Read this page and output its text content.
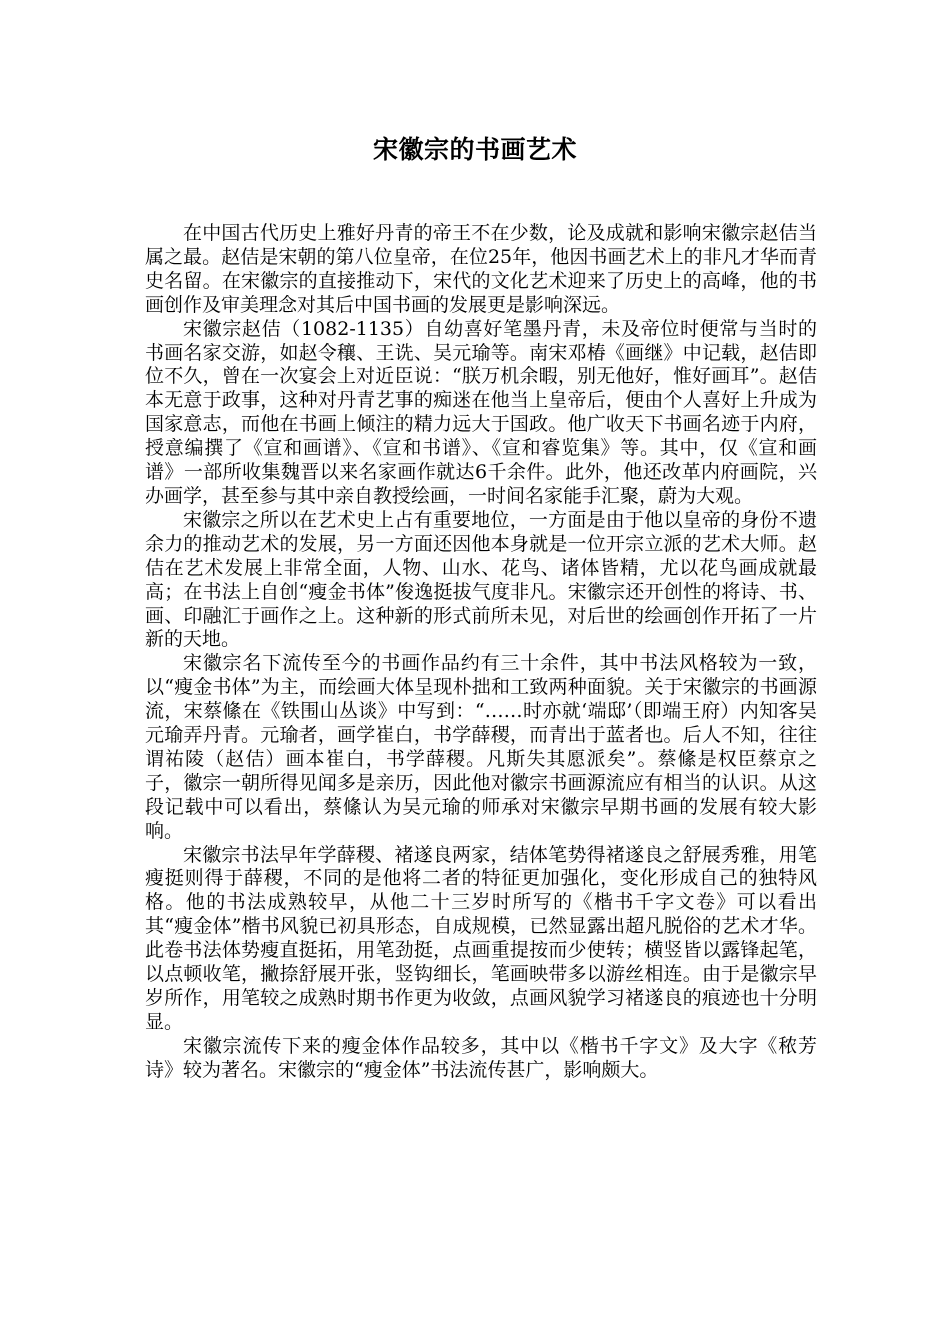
宋徽宗的书画艺术

在中国古代历史上雅好丹青的帝王不在少数，论及成就和影响宋徽宗赵佶当属之最。赵佶是宋朝的第八位皇帝，在位25年，他因书画艺术上的非凡才华而青史名留。在宋徽宗的直接推动下，宋代的文化艺术迎来了历史上的高峰，他的书画创作及审美理念对其后中国书画的发展更是影响深远。

宋徽宗赵佶（1082-1135）自幼喜好笔墨丹青，未及帝位时便常与当时的书画名家交游，如赵令穰、王诜、吴元瑜等。南宋邓椿《画继》中记载，赵佶即位不久，曾在一次宴会上对近臣说：“朕万机余暇，别无他好，惟好画耳”。赵佶本无意于政事，这种对丹青艺事的痴迷在他当上皇帝后，便由个人喜好上升成为国家意志，而他在书画上倾注的精力远大于国政。他广收天下书画名迹于内府，授意编撰了《宣和画谱》、《宣和书谱》、《宣和睿览集》等。其中，仅《宣和画谱》一部所收集魏晋以来名家画作就达6千余件。此外，他还改革内府画院，兴办画学，甚至参与其中亲自教授绘画，一时间名家能手汇聚，蔚为大观。

宋徽宗之所以在艺术史上占有重要地位，一方面是由于他以皇帝的身份不遗余力的推动艺术的发展，另一方面还因他本身就是一位开宗立派的艺术大师。赵佶在艺术发展上非常全面，人物、山水、花鸟、诸体皆精，尤以花鸟画成就最高；在书法上自创“瘦金书体”俊逸挺拔气度非凡。宋徽宗还开创性的将诗、书、画、印融汇于画作之上。这种新的形式前所未见，对后世的绘画创作开拓了一片新的天地。

宋徽宗名下流传至今的书画作品约有三十余件，其中书法风格较为一致，以“瘦金书体”为主，而绘画大体呈现朴拙和工致两种面貌。关于宋徽宗的书画源流，宋蔡絛在《铁围山丛谈》中写到：“……时亦就‘端邸’（即端王府）内知客吴元瑜弄丹青。元瑜者，画学崔白，书学薛稷，而青出于蓝者也。后人不知，往往谓祐陵（赵佶）画本崔白，书学薛稷。凡斯失其愿派矣”。蔡絛是权臣蔡京之子，徽宗一朝所得见闻多是亲历，因此他对徽宗书画源流应有相当的认识。从这段记载中可以看出，蔡絛认为吴元瑜的师承对宋徽宗早期书画的发展有较大影响。

宋徽宗书法早年学薛稷、褚遂良两家，结体笔势得褚遂良之舒展秀雅，用笔瘦挺则得于薛稷，不同的是他将二者的特征更加强化，变化形成自己的独特风格。他的书法成熟较早，从他二十三岁时所写的《楷书千字文卷》可以看出其“瘦金体”楷书风貌已初具形态，自成规模，已然显露出超凡脱俗的艺术才华。此卷书法体势瘦直挺拓，用笔劲挺，点画重提按而少使转；横竖皆以露锋起笔，以点顿收笔，撇捺舒展开张，竖钩细长，笔画映带多以游丝相连。由于是徽宗早岁所作，用笔较之成熟时期书作更为收敛，点画风貌学习褚遂良的痕迹也十分明显。

宋徽宗流传下来的瘦金体作品较多，其中以《楷书千字文》及大字《秾芳诗》较为著名。宋徽宗的“瘦金体”书法流传甚广，影响颇大。
